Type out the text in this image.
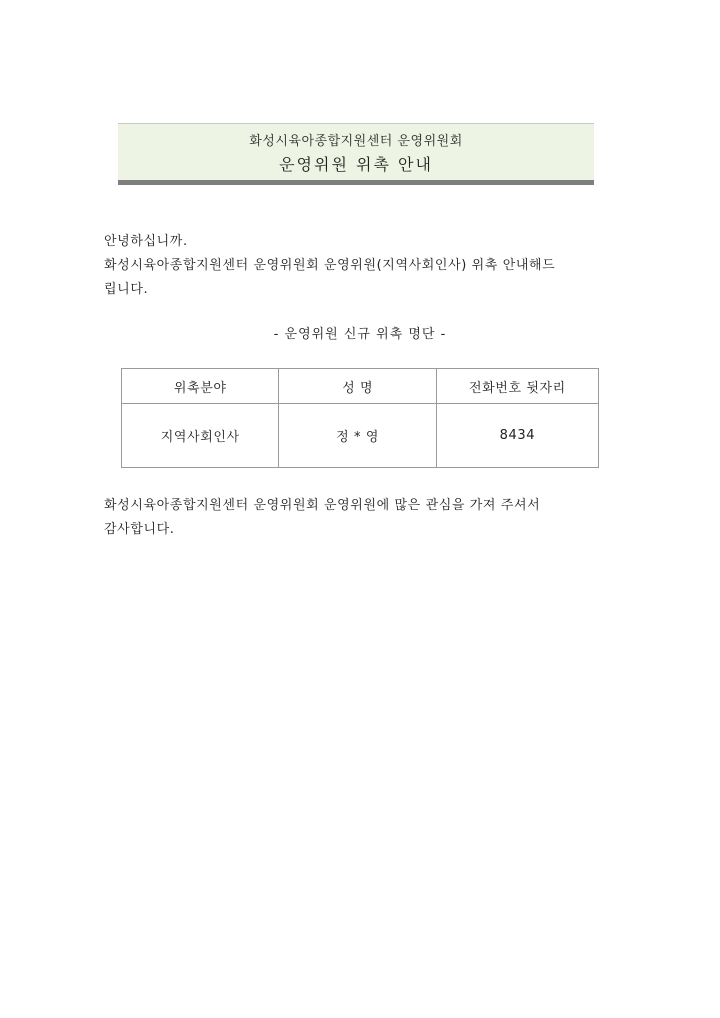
화성시육아종합지원센터 운영위원회
운영위원 위촉 안내
안녕하십니까.
화성시육아종합지원센터 운영위원회 운영위원(지역사회인사) 위촉 안내해드
립니다.
- 운영위원 신규 위촉 명단 -
위촉분야	성 명	전화번호 뒷자리
지역사회인사	정 * 영	8434
화성시육아종합지원센터 운영위원회 운영위원에 많은 관심을 가져 주셔서
감사합니다.
